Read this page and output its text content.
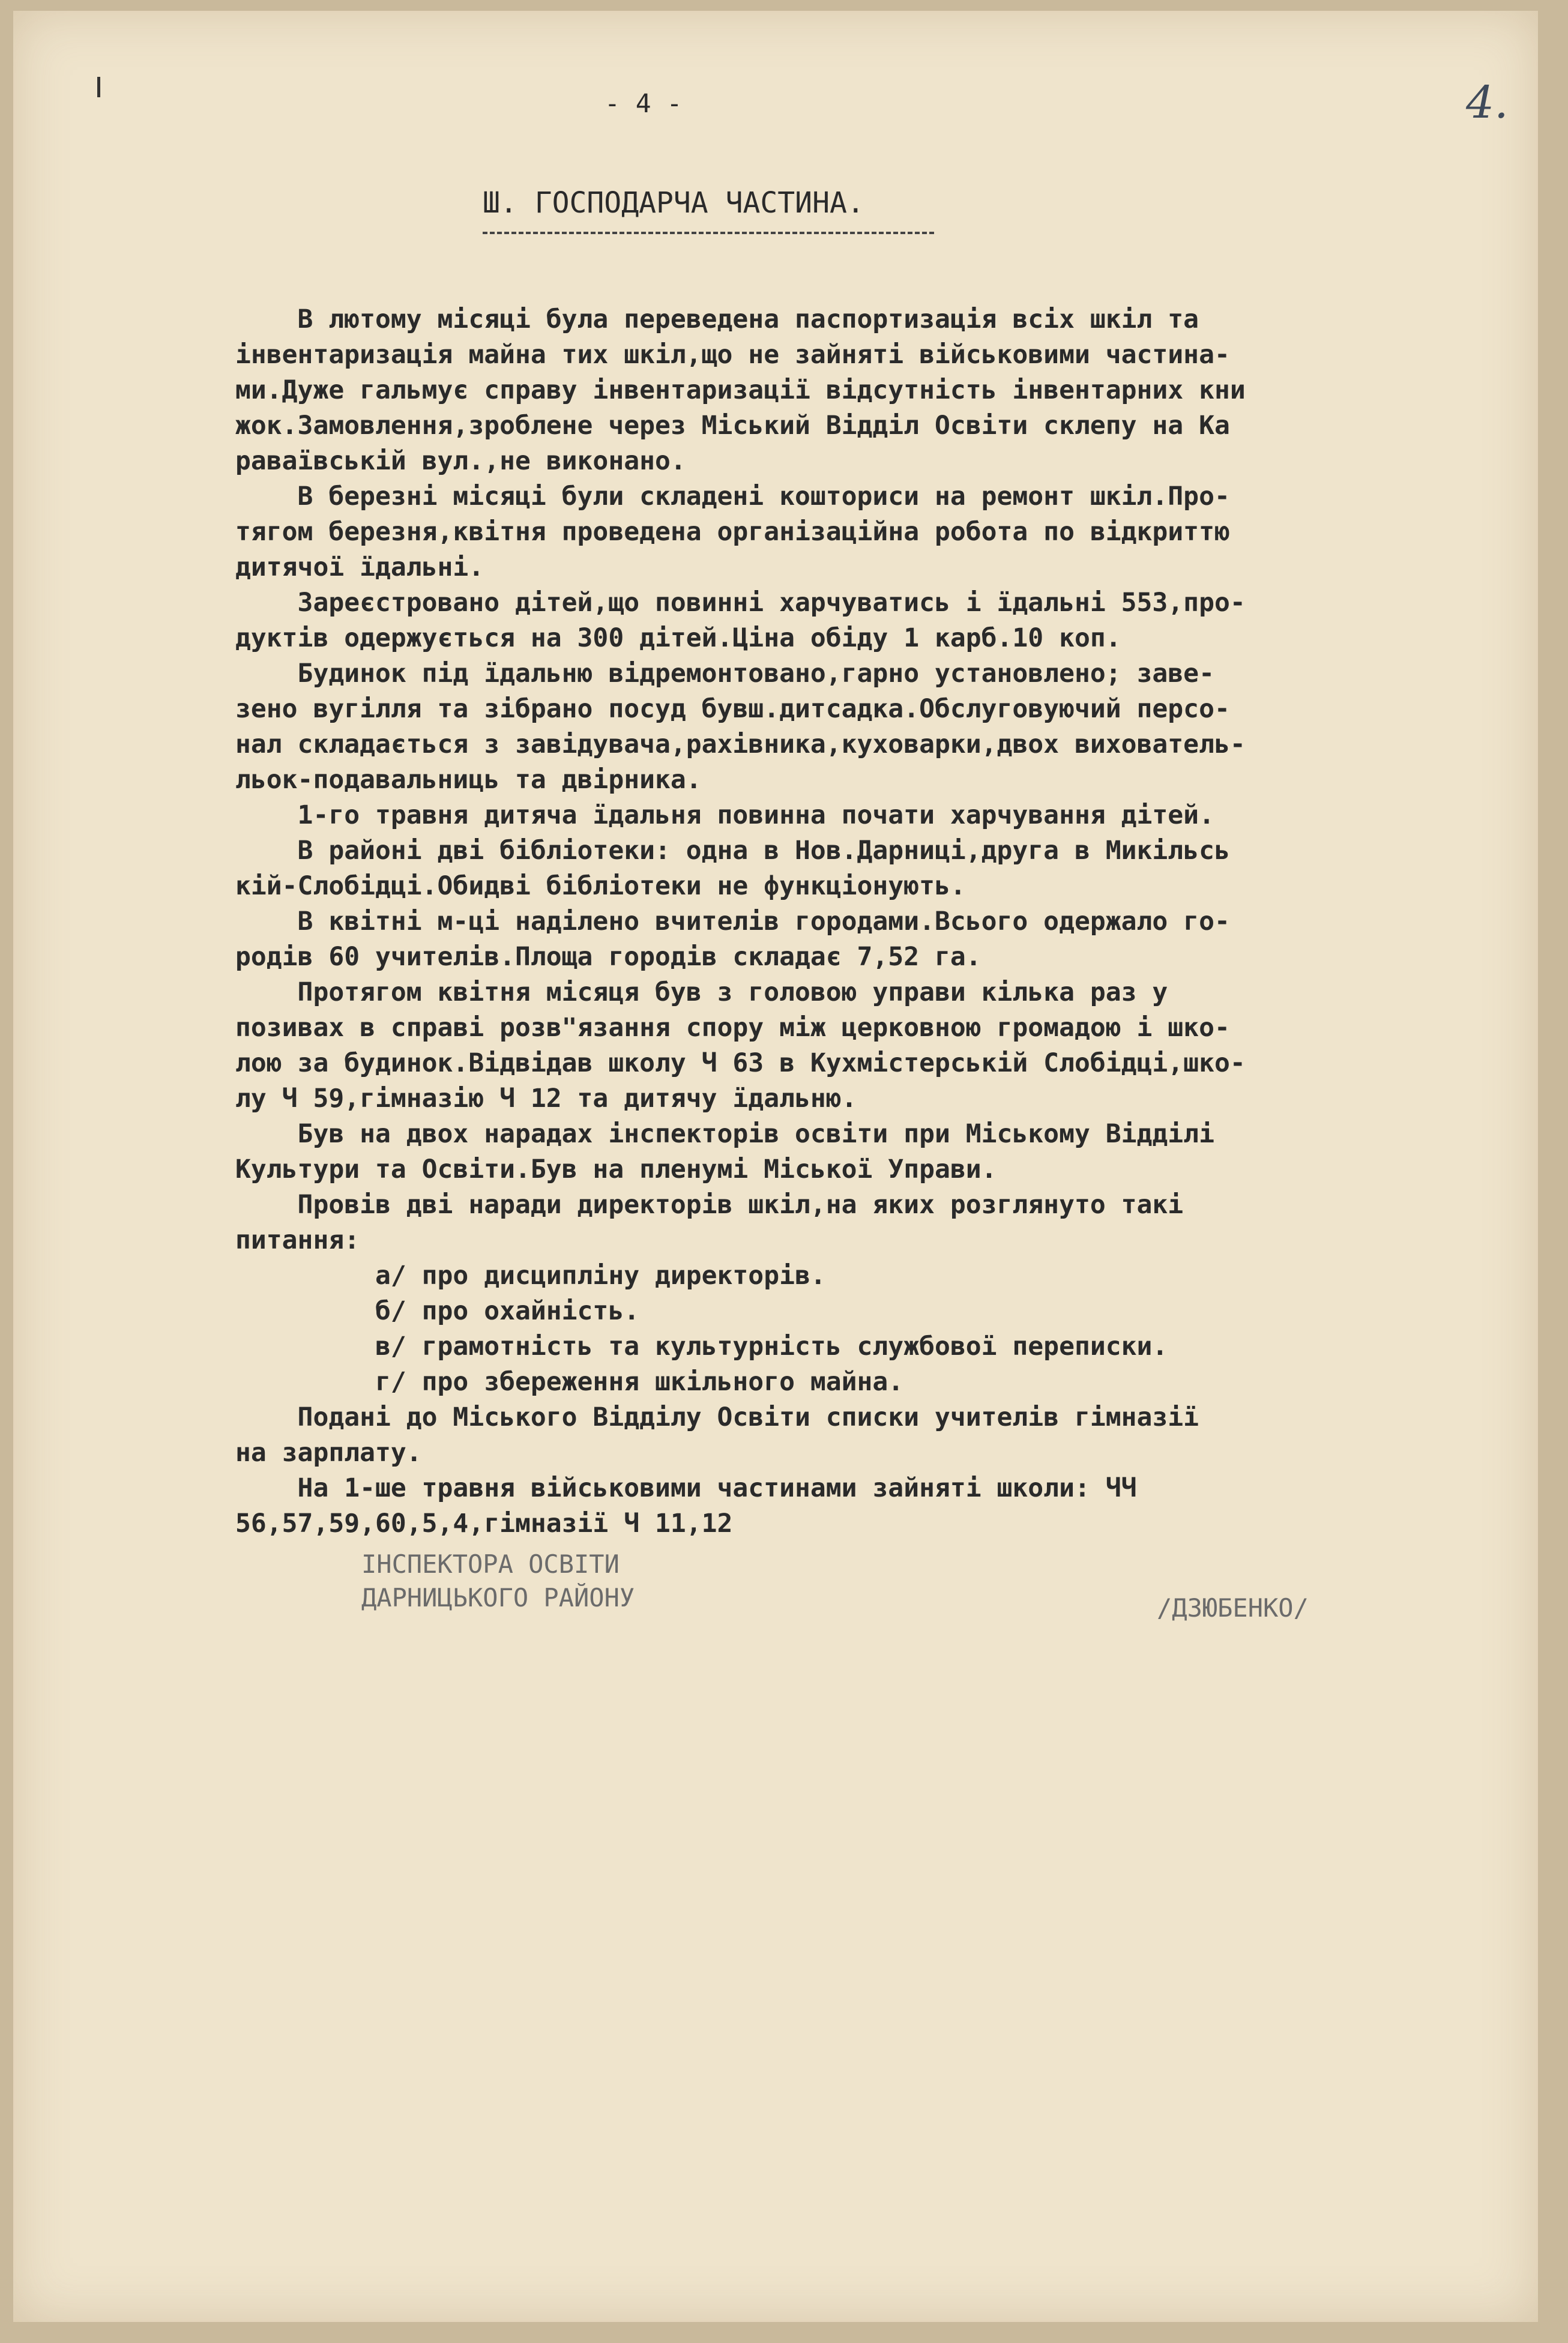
- 4 -	4.
Ш. ГОСПОДАРЧА ЧАСТИНА.
В лютому місяці була переведена паспортизація всіх шкіл та
інвентаризація майна тих шкіл,що не зайняті військовими частина-
ми.Дуже гальмує справу інвентаризації відсутність інвентарних кни
жок.Замовлення,зроблене через Міський Відділ Освіти склепу на Ка
раваївській вул.,не виконано.
В березні місяці були складені кошториси на ремонт шкіл.Про-
тягом березня,квітня проведена організаційна робота по відкриттю
дитячої їдальні.
Зареєстровано дітей,що повинні харчуватись і їдальні 553,про-
дуктів одержується на 300 дітей.Ціна обіду 1 карб.10 коп.
Будинок під їдальню відремонтовано,гарно установлено; заве-
зено вугілля та зібрано посуд бувш.дитсадка.Обслуговуючий персо-
нал складається з завідувача,рахівника,куховарки,двох вихователь-
льок-подавальниць та двірника.
1-го травня дитяча їдальня повинна почати харчування дітей.
В районі дві бібліотеки: одна в Нов.Дарниці,друга в Микільсь
кій-Слобідці.Обидві бібліотеки не функціонують.
В квітні м-ці наділено вчителів городами.Всього одержало го-
родів 60 учителів.Площа городів складає 7,52 га.
Протягом квітня місяця був з головою управи кілька раз у
позивах в справі розв"язання спору між церковною громадою і шко-
лою за будинок.Відвідав школу Ч 63 в Кухмістерській Слобідці,шко-
лу Ч 59,гімназію Ч 12 та дитячу їдальню.
Був на двох нарадах інспекторів освіти при Міському Відділі
Культури та Освіти.Був на пленумі Міської Управи.
Провів дві наради директорів шкіл,на яких розглянуто такі
питання:
а/ про дисципліну директорів.
б/ про охайність.
в/ грамотність та культурність службової переписки.
г/ про збереження шкільного майна.
Подані до Міського Відділу Освіти списки учителів гімназії
на зарплату.
На 1-ше травня військовими частинами зайняті школи: ЧЧ
56,57,59,60,5,4,гімназії Ч 11,12
ІНСПЕКТОРА ОСВІТИ
ДАРНИЦЬКОГО РАЙОНУ	/ДЗЮБЕНКО/
